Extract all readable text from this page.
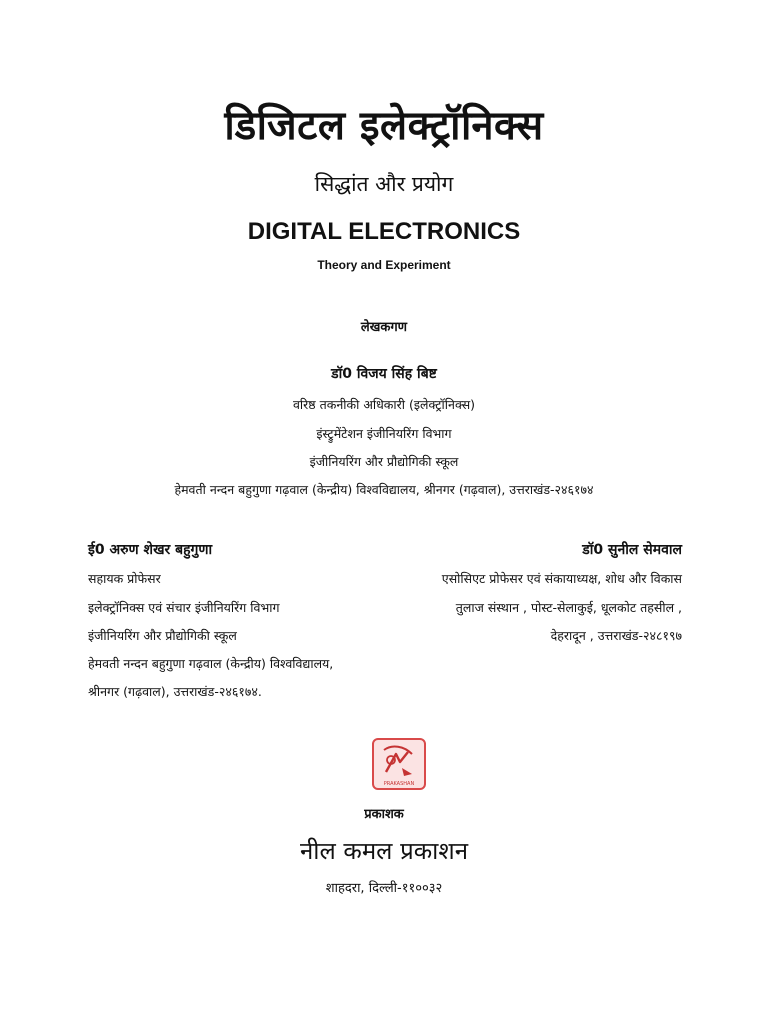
डिजिटल इलेक्ट्रॉनिक्स
सिद्धांत और प्रयोग
DIGITAL ELECTRONICS
Theory and Experiment
लेखकगण
डॉ0 विजय सिंह बिष्ट
वरिष्ठ तकनीकी अधिकारी (इलेक्ट्रॉनिक्स)
इंस्ट्रुमेंटेशन इंजीनियरिंग विभाग
इंजीनियरिंग और प्रौद्योगिकी स्कूल
हेमवती नन्दन बहुगुणा गढ़वाल (केन्द्रीय) विश्वविद्यालय, श्रीनगर (गढ़वाल), उत्तराखंड-२४६१७४
ई0 अरुण शेखर बहुगुणा
सहायक प्रोफेसर
इलेक्ट्रॉनिक्स एवं संचार इंजीनियरिंग विभाग
इंजीनियरिंग और प्रौद्योगिकी स्कूल
हेमवती नन्दन बहुगुणा गढ़वाल (केन्द्रीय) विश्वविद्यालय,
श्रीनगर (गढ़वाल), उत्तराखंड-२४६१७४.
डॉ0 सुनील सेमवाल
एसोसिएट प्रोफेसर एवं संकायाध्यक्ष, शोध और विकास
तुलाज संस्थान , पोस्ट-सेलाकुई, धूलकोट तहसील ,
देहरादून , उत्तराखंड-२४८१९७
PRAKASHAN
प्रकाशक
नील कमल प्रकाशन
शाहदरा, दिल्ली-११००३२
